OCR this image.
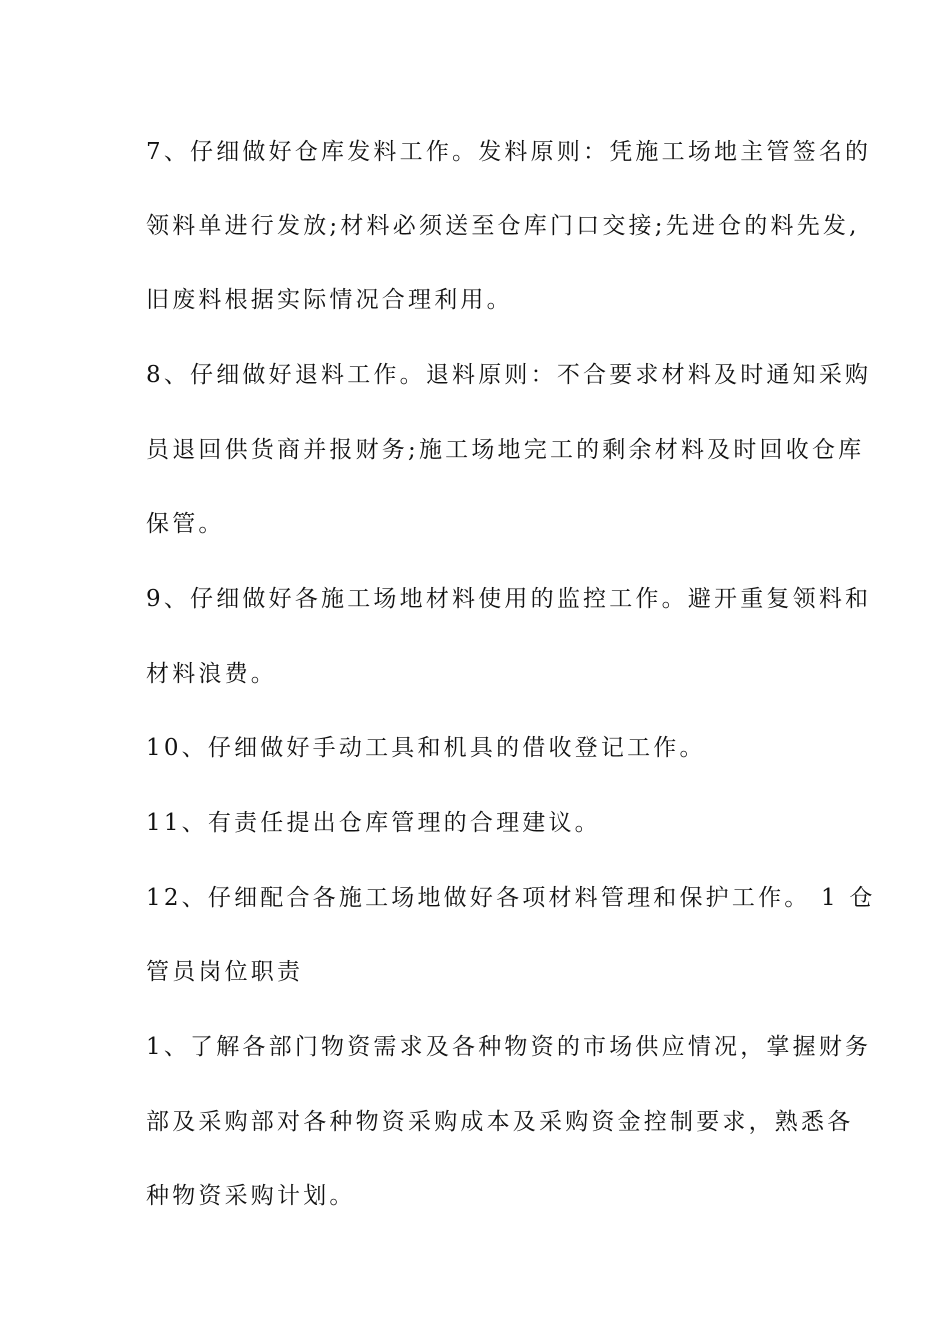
7、仔细做好仓库发料工作。发料原则：凭施工场地主管签名的
领料单进行发放;材料必须送至仓库门口交接;先进仓的料先发,
旧废料根据实际情况合理利用。
8、仔细做好退料工作。退料原则：不合要求材料及时通知采购
员退回供货商并报财务;施工场地完工的剩余材料及时回收仓库
保管。
9、仔细做好各施工场地材料使用的监控工作。避开重复领料和
材料浪费。
10、仔细做好手动工具和机具的借收登记工作。
11、有责任提出仓库管理的合理建议。
12、仔细配合各施工场地做好各项材料管理和保护工作。 1 仓
管员岗位职责
1、了解各部门物资需求及各种物资的市场供应情况，掌握财务
部及采购部对各种物资采购成本及采购资金控制要求，熟悉各
种物资采购计划。
